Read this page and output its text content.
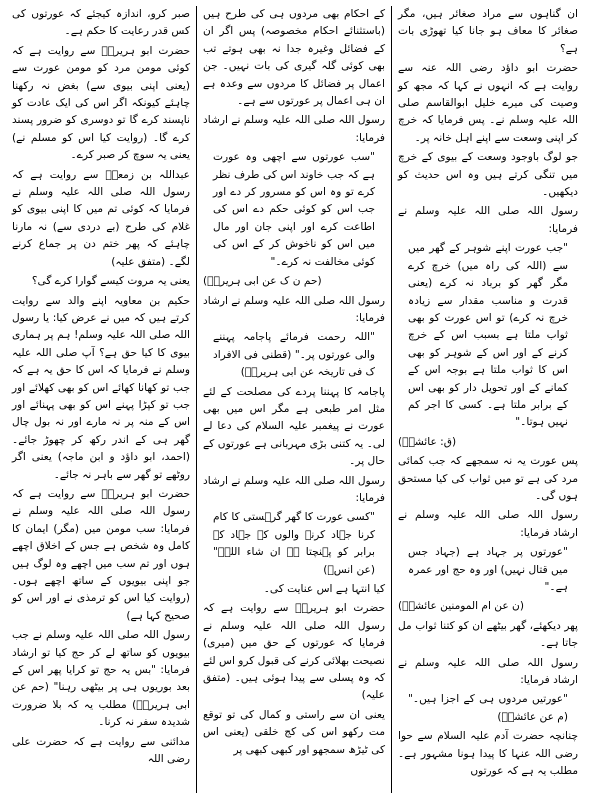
ان گناہوں سے مراد صغائر ہیں، مگر صغائر کا معاف ہو جانا کیا تھوڑی بات ہے؟

حضرت ابو داؤد رضی اللہ عنہ سے روایت ہے کہ انہوں نے کہا کہ مجھ کو وصیت کی میرے خلیل ابوالقاسم صلی اللہ علیہ وسلم نے۔ پس فرمایا کہ خرچ کر اپنی وسعت سے اپنے اہل خانہ پر۔

جو لوگ باوجود وسعت کے بیوی کے خرچ میں تنگی کرتے ہیں وہ اس حدیث کو دیکھیں۔

رسول اللہ صلی اللہ علیہ وسلم نے فرمایا:

"جب عورت اپنے شوہر کے گھر میں سے (اللہ کی راہ میں) خرچ کرے مگر گھر کو برباد نہ کرے (یعنی قدرت و مناسب مقدار سے زیادہ خرچ نہ کرے) تو اس عورت کو بھی ثواب ملتا ہے بسبب اس کے خرچ کرنے کے اور اس کے شوہر کو بھی اس کا ثواب ملتا ہے بوجہ اس کے کمانے کے اور تحویل دار کو بھی اس کے برابر ملتا ہے۔ کسی کا اجر کم نہیں ہوتا۔"

(ق: عائشہؓ)

پس عورت یہ نہ سمجھے کہ جب کمائی مرد کی ہے تو میں ثواب کی کیا مستحق ہوں گی۔

رسول اللہ صلی اللہ علیہ وسلم نے ارشاد فرمایا:

"عورتوں پر جہاد ہے (جہاد جس میں قتال نہیں) اور وہ حج اور عمرہ ہے۔"

(ن عن ام المومنین عائشہؓ)

پھر دیکھئے، گھر بیٹھے ان کو کتنا ثواب مل جاتا ہے۔

رسول اللہ صلی اللہ علیہ وسلم نے ارشاد فرمایا:

"عورتیں مردوں ہی کے اجزا ہیں۔" (م عن عائشہؓ)

چنانچہ حضرت آدم علیہ السلام سے حوا رضی اللہ عنہا کا پیدا ہونا مشہور ہے۔ مطلب یہ ہے کہ عورتوں

کے احکام بھی مردوں ہی کی طرح ہیں (باستثنائے احکام مخصوصہ) پس اگر ان کے فضائل وغیرہ جدا نہ بھی ہوتے تب بھی کوئی گلہ گیری کی بات نہیں۔ جن اعمال پر فضائل کا مردوں سے وعدہ ہے ان ہی اعمال پر عورتوں سے ہے۔

رسول اللہ صلی اللہ علیہ وسلم نے ارشاد فرمایا:

"سب عورتوں سے اچھی وہ عورت ہے کہ جب خاوند اس کی طرف نظر کرے تو وہ اس کو مسرور کر دے اور جب اس کو کوئی حکم دے اس کی اطاعت کرے اور اپنی جان اور مال میں اس کو ناخوش کر کے اس کی کوئی مخالفت نہ کرے۔"

(حم ن ک عن ابی ہریرہؓ)

رسول اللہ صلی اللہ علیہ وسلم نے ارشاد فرمایا:

"اللہ رحمت فرمائے پاجامہ پہننے والی عورتوں پر۔" (قطنی فی الافراد ک فی تاریخہ عن ابی ہریرہؓ)

پاجامہ کا پہننا پردے کی مصلحت کے لئے مثل امر طبعی ہے مگر اس میں بھی عورت نے پیغمبر علیہ السلام کی دعا لے لی۔ یہ کتنی بڑی مہربانی ہے عورتوں کے حال پر۔

رسول اللہ صلی اللہ علیہ وسلم نے ارشاد فرمایا:

"کسی عورت کا گھر گرہستی کا کام کرنا جہاد کرنے والوں کے جہاد کے برابر کو پہنچتا ہے ان شاء اللہ۔" (عن انسؓ)

کیا انتہا ہے اس عنایت کی۔

حضرت ابو ہریرہؓ سے روایت ہے کہ رسول اللہ صلی اللہ علیہ وسلم نے فرمایا کہ عورتوں کے حق میں (میری) نصیحت بھلائی کرنے کی قبول کرو اس لئے کہ وہ پسلی سے پیدا ہوئی ہیں۔ (متفق علیہ)

یعنی ان سے راستی و کمال کی تو توقع مت رکھو اس کی کج خلقی (یعنی اس کی ٹیڑھ سمجھو اور کبھی کبھی پر

صبر کرو، اندازہ کیجئے کہ عورتوں کی کس قدر رعایت کا حکم ہے۔

حضرت ابو ہریرہؓ سے روایت ہے کہ کوئی مومن مرد کو مومن عورت سے (یعنی اپنی بیوی سے) بغض نہ رکھنا چاہئے کیونکہ اگر اس کی ایک عادت کو ناپسند کرے گا تو دوسری کو ضرور پسند کرے گا۔ (روایت کیا اس کو مسلم نے) یعنی یہ سوچ کر صبر کرے۔

عبداللہ بن زمعہؓ سے روایت ہے کہ رسول اللہ صلی اللہ علیہ وسلم نے فرمایا کہ کوئی تم میں کا اپنی بیوی کو غلام کی طرح (بے دردی سے) نہ مارنا چاہئے کہ پھر ختم دن پر جماع کرنے لگے۔ (متفق علیہ)

یعنی یہ مروت کیسے گوارا کرے گی؟

حکیم بن معاویہ اپنے والد سے روایت کرتے ہیں کہ میں نے عرض کیا: یا رسول اللہ صلی اللہ علیہ وسلم! ہم پر ہماری بیوی کا کیا حق ہے؟ آپ صلی اللہ علیہ وسلم نے فرمایا کہ اس کا حق یہ ہے کہ جب تو کھانا کھائے اس کو بھی کھلائے اور جب تو کپڑا پہنے اس کو بھی پہنائے اور اس کے منہ پر نہ مارے اور نہ بول چال گھر ہی کے اندر رکھ کر چھوڑ جائے۔ (احمد، ابو داؤد و ابن ماجہ) یعنی اگر روٹھے تو گھر سے باہر نہ جائے۔

حضرت ابو ہریرہؓ سے روایت ہے کہ رسول اللہ صلی اللہ علیہ وسلم نے فرمایا: سب مومن میں (مگر) ایمان کا کامل وہ شخص ہے جس کے اخلاق اچھے ہوں اور تم سب میں اچھے وہ لوگ ہیں جو اپنی بیویوں کے ساتھ اچھے ہوں۔ (روایت کیا اس کو ترمذی نے اور اس کو صحیح کہا ہے)

رسول اللہ صلی اللہ علیہ وسلم نے جب بیویوں کو ساتھ لے کر حج کیا تو ارشاد فرمایا: "بس یہ حج تو کرایا پھر اس کے بعد بوریوں ہی پر بیٹھی رہنا" (حم عن ابی ہریرہؓ) مطلب یہ کہ بلا ضرورت شدیدہ سفر نہ کرنا۔

مدائنی سے روایت ہے کہ حضرت علی رضی اللہ
